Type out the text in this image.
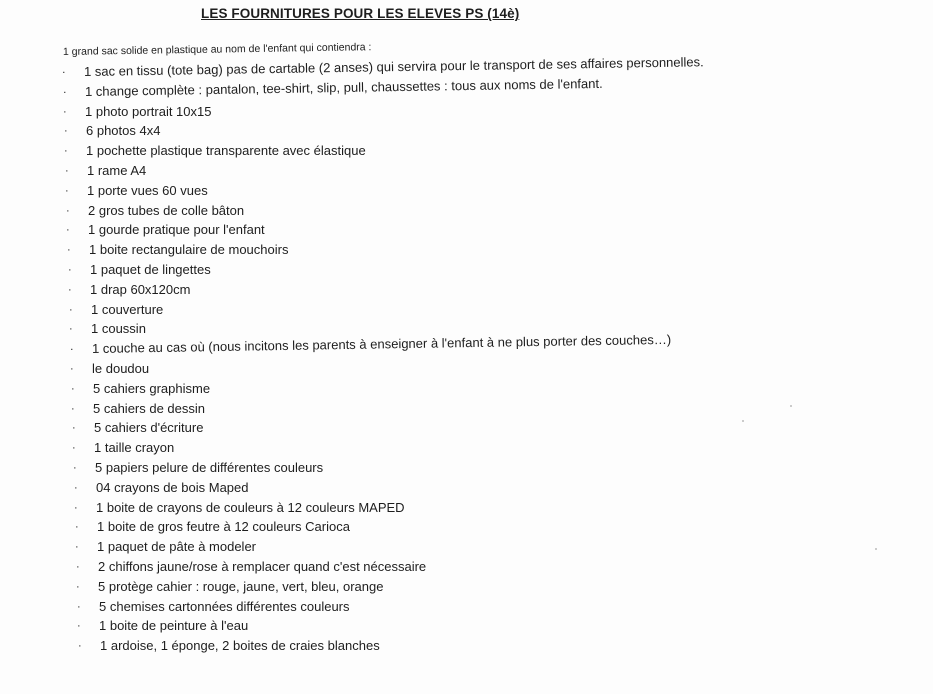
LES FOURNITURES POUR LES ELEVES PS (14è)
1 grand sac solide en plastique au nom de l'enfant qui contiendra :
· 1 sac en tissu (tote bag) pas de cartable (2 anses) qui servira pour le transport de ses affaires personnelles.
· 1 change complète : pantalon, tee-shirt, slip, pull, chaussettes : tous aux noms de l'enfant.
· 1 photo portrait 10x15
· 6 photos 4x4
· 1 pochette plastique transparente avec élastique
· 1 rame A4
· 1 porte vues 60 vues
· 2 gros tubes de colle bâton
· 1 gourde pratique pour l'enfant
· 1 boite rectangulaire de mouchoirs
· 1 paquet de lingettes
· 1 drap 60x120cm
· 1 couverture
· 1 coussin
· 1 couche au cas où (nous incitons les parents à enseigner à l'enfant à ne plus porter des couches…)
· le doudou
· 5 cahiers graphisme
· 5 cahiers de dessin
· 5 cahiers d'écriture
· 1 taille crayon
· 5 papiers pelure de différentes couleurs
· 04 crayons de bois Maped
· 1 boite de crayons de couleurs à 12 couleurs MAPED
· 1 boite de gros feutre à 12 couleurs Carioca
· 1 paquet de pâte à modeler
· 2 chiffons jaune/rose à remplacer quand c'est nécessaire
· 5 protège cahier : rouge, jaune, vert, bleu, orange
· 5 chemises cartonnées différentes couleurs
· 1 boite de peinture à l'eau
· 1 ardoise, 1 éponge, 2 boites de craies blanches
